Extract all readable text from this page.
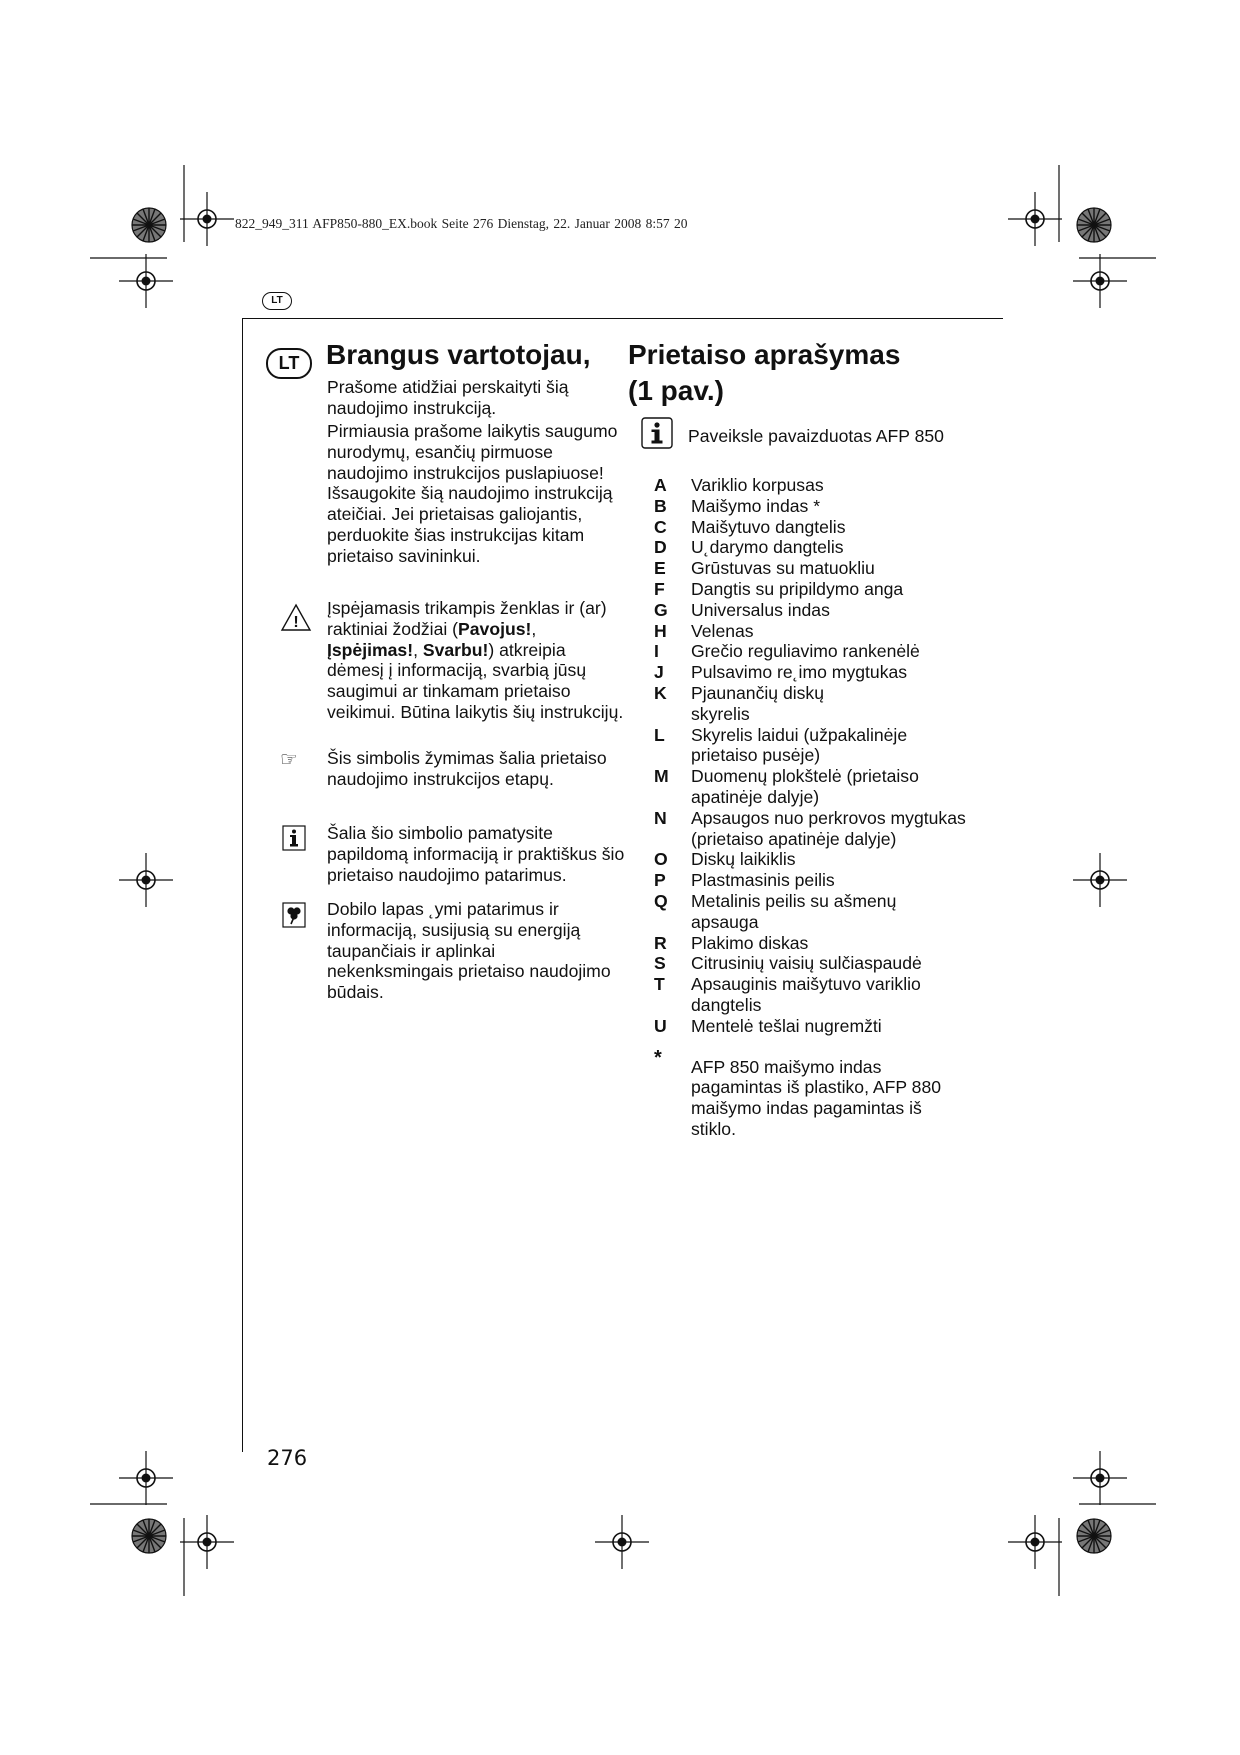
822_949_311 AFP850-880_EX.book Seite 276 Dienstag, 22. Januar 2008 8:57 20
LT
LT Brangus vartotojau,
Prašome atidžiai perskaityti šią naudojimo instrukciją.
Pirmiausia prašome laikytis saugumo nurodymų, esančių pirmuose naudojimo instrukcijos puslapiuose! Išsaugokite šią naudojimo instrukciją ateičiai. Jei prietaisas galiojantis, perduokite šias instrukcijas kitam prietaiso savininkui.
!
Įspėjamasis trikampis ženklas ir (ar) raktiniai žodžiai (Pavojus!, Įspėjimas!, Svarbu!) atkreipia dėmesį į informaciją, svarbią jūsų saugimui ar tinkamam prietaiso veikimui. Būtina laikytis šių instrukcijų.
☞ Šis simbolis žymimas šalia prietaiso naudojimo instrukcijos etapų.
Šalia šio simbolio pamatysite papildomą informaciją ir praktiškus šio prietaiso naudojimo patarimus.
Dobilo lapas ˛ymi patarimus ir informaciją, susijusią su energiją taupančiais ir aplinkai nekenksmingais prietaiso naudojimo būdais.
Prietaiso aprašymas
(1 pav.)
Paveiksle pavaizduotas AFP 850
A	Variklio korpusas
B	Maišymo indas *
C	Maišytuvo dangtelis
D	U˛darymo dangtelis
E	Grūstuvas su matuokliu
F	Dangtis su pripildymo anga
G	Universalus indas
H	Velenas
I	Grečio reguliavimo rankenėlė
J	Pulsavimo re˛imo mygtukas
K	Pjaunančių diskų skyrelis
L	Skyrelis laidui (užpakalinėje prietaiso pusėje)
M	Duomenų plokštelė (prietaiso apatinėje dalyje)
N	Apsaugos nuo perkrovos mygtukas (prietaiso apatinėje dalyje)
O	Diskų laikiklis
P	Plastmasinis peilis
Q	Metalinis peilis su ašmenų apsauga
R	Plakimo diskas
S	Citrusinių vaisių sulčiaspaudė
T	Apsauginis maišytuvo variklio dangtelis
U	Mentelė tešlai nugremžti
*	AFP 850 maišymo indas pagamintas iš plastiko, AFP 880 maišymo indas pagamintas iš stiklo.
276
